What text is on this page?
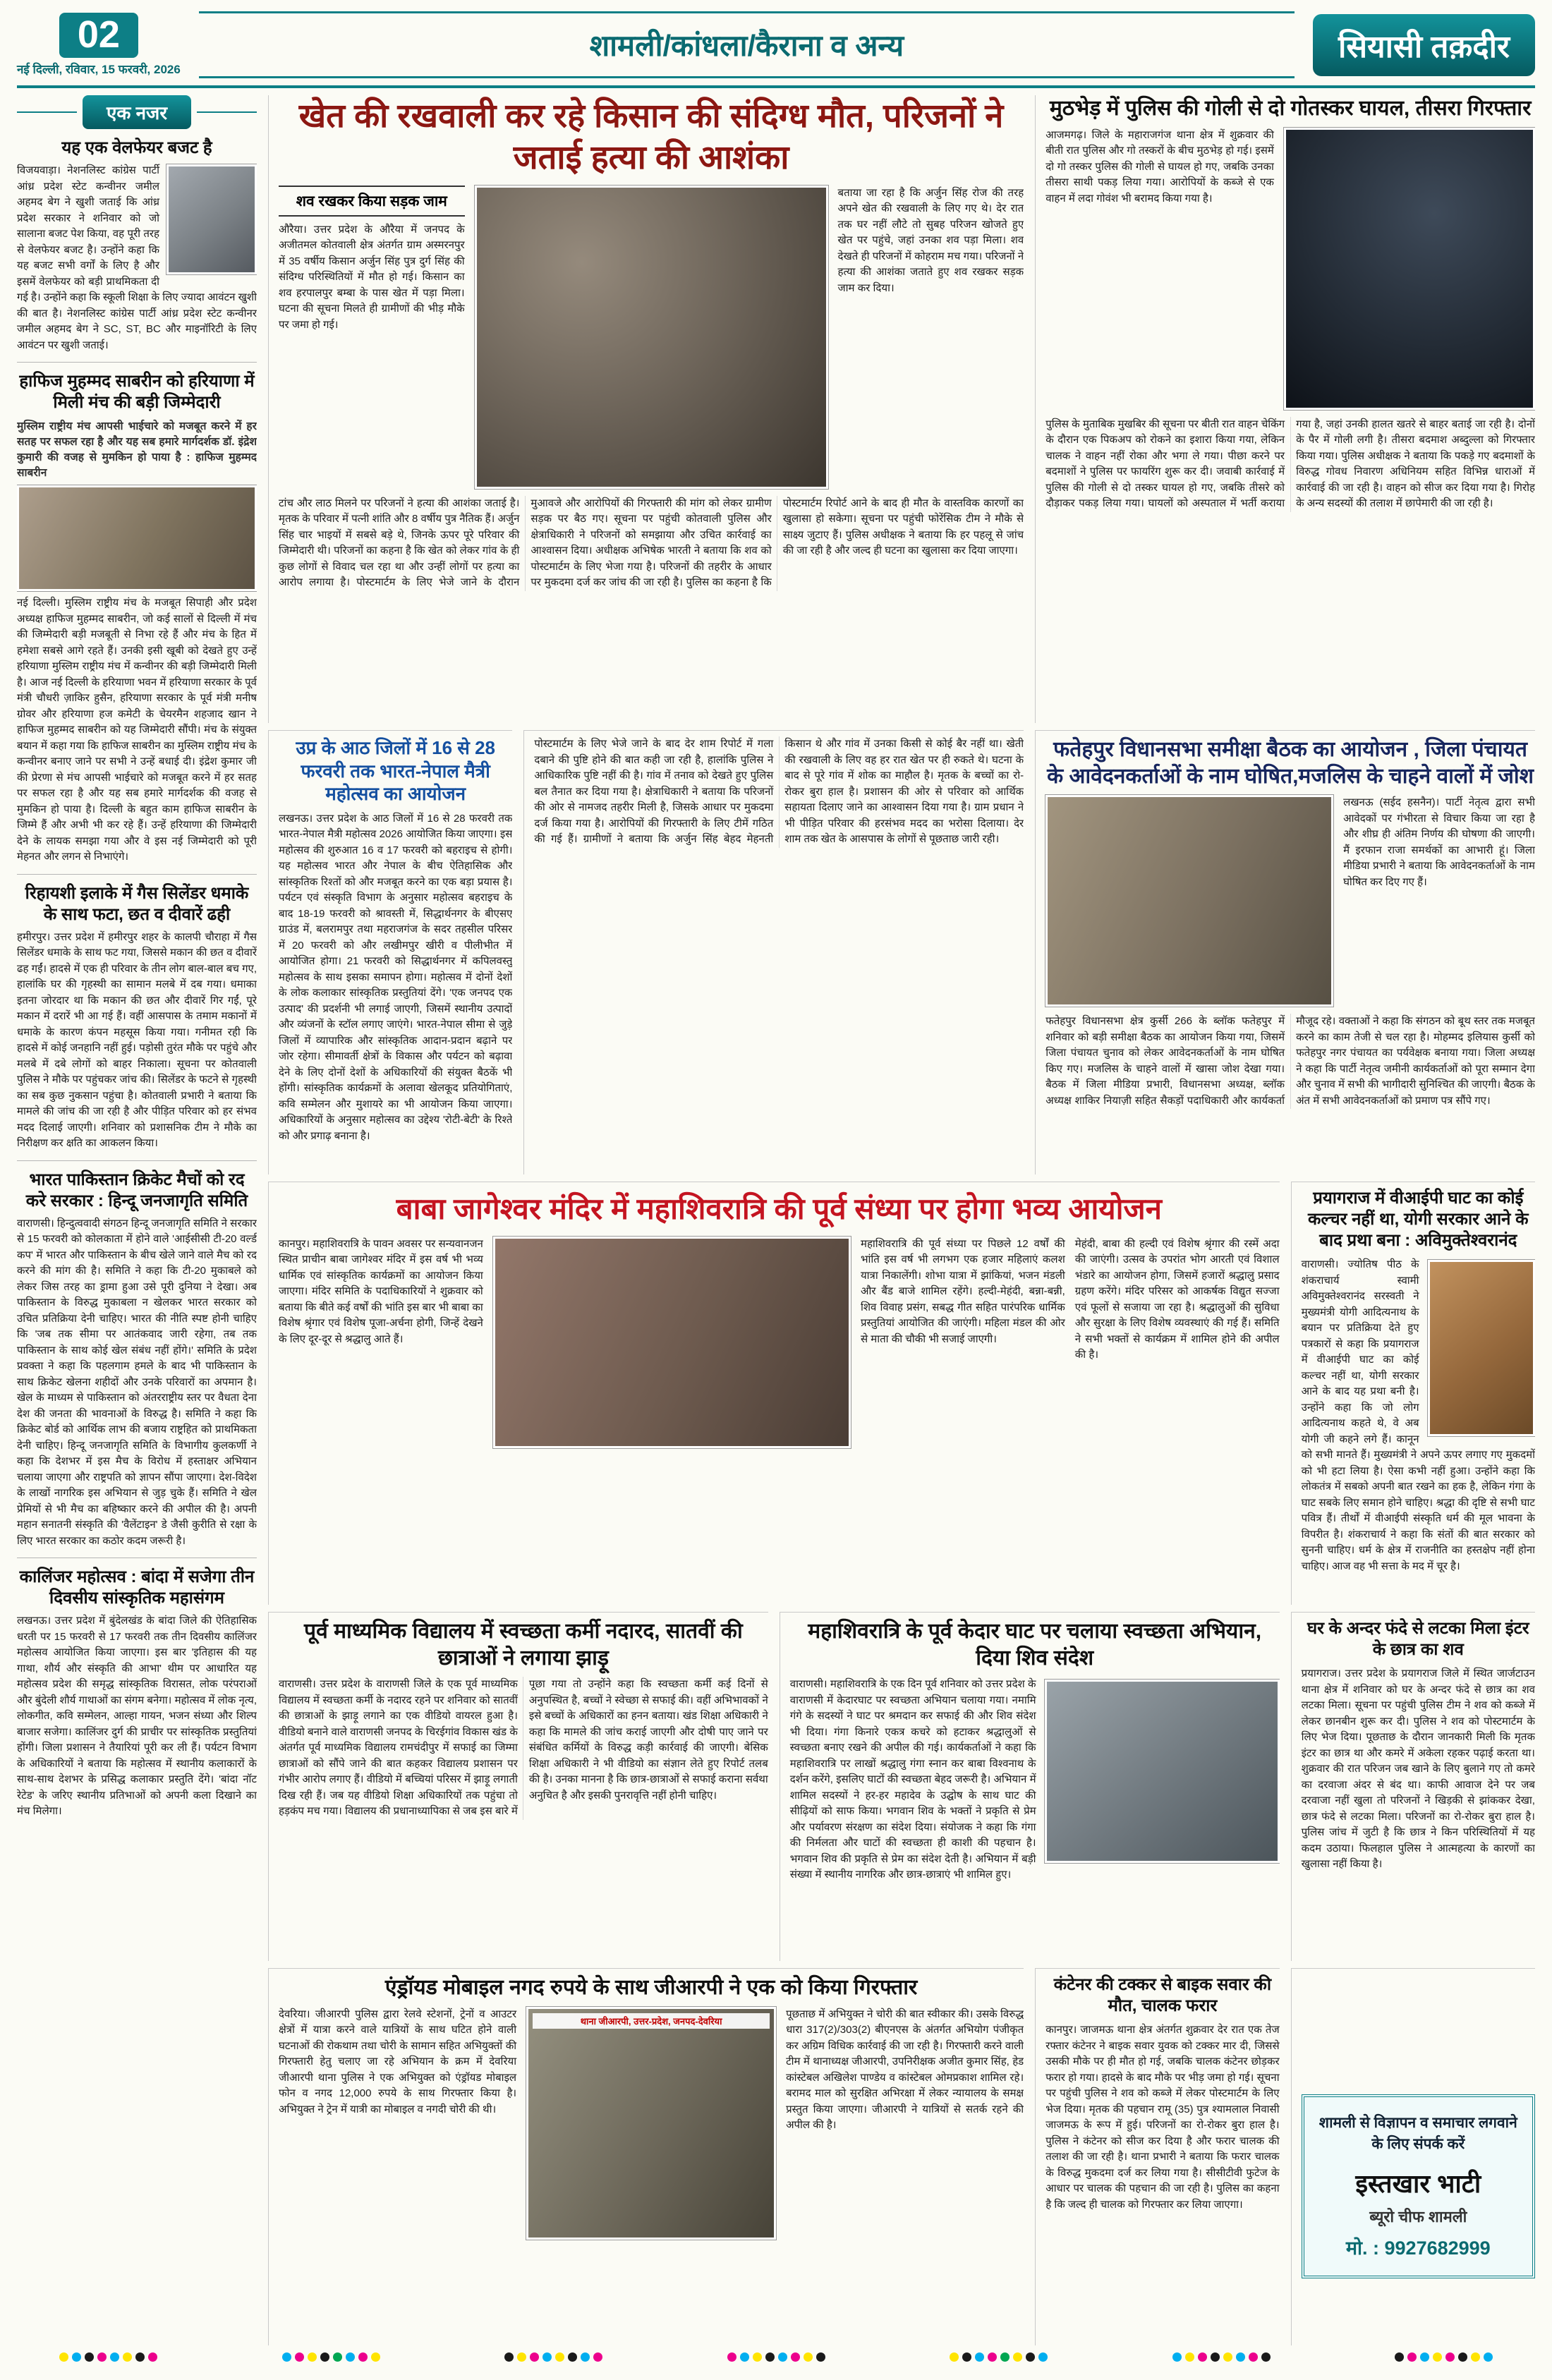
02
नई दिल्ली, रविवार, 15 फरवरी, 2026
शामली/कांधला/कैराना व अन्य	सियासी तक़दीर
एक नजर
यह एक वेलफेयर बजट है

विजयवाड़ा। नेशनलिस्ट कांग्रेस पार्टी आंध्र प्रदेश स्टेट कन्वीनर जमील अहमद बेग ने खुशी जताई कि आंध्र प्रदेश सरकार ने शनिवार को जो सालाना बजट पेश किया, वह पूरी तरह से वेलफेयर बजट है। उन्होंने कहा कि यह बजट सभी वर्गों के लिए है और इसमें वेलफेयर को बड़ी प्राथमिकता दी गई है। उन्होंने कहा कि स्कूली शिक्षा के लिए ज्यादा आवंटन खुशी की बात है। नेशनलिस्ट कांग्रेस पार्टी आंध्र प्रदेश स्टेट कन्वीनर जमील अहमद बेग ने SC, ST, BC और माइनॉरिटी के लिए आवंटन पर खुशी जताई।

हाफिज मुहम्मद साबरीन को हरियाणा में मिली मंच की बड़ी जिम्मेदारी

मुस्लिम राष्ट्रीय मंच आपसी भाईचारे को मजबूत करने में हर सतह पर सफल रहा है और यह सब हमारे मार्गदर्शक डॉ. इंद्रेश कुमारी की वजह से मुमकिन हो पाया है : हाफिज मुहम्मद साबरीन

नई दिल्ली। मुस्लिम राष्ट्रीय मंच के मजबूत सिपाही और प्रदेश अध्यक्ष हाफिज मुहम्मद साबरीन, जो कई सालों से दिल्ली में मंच की जिम्मेदारी बड़ी मजबूती से निभा रहे हैं और मंच के हित में हमेशा सबसे आगे रहते हैं। उनकी इसी खूबी को देखते हुए उन्हें हरियाणा मुस्लिम राष्ट्रीय मंच में कन्वीनर की बड़ी जिम्मेदारी मिली है। आज नई दिल्ली के हरियाणा भवन में हरियाणा सरकार के पूर्व मंत्री चौधरी ज़ाकिर हुसैन, हरियाणा सरकार के पूर्व मंत्री मनीष ग्रोवर और हरियाणा हज कमेटी के चेयरमैन शहजाद खान ने हाफिज मुहम्मद साबरीन को यह जिम्मेदारी सौंपी। मंच के संयुक्त बयान में कहा गया कि हाफिज साबरीन का मुस्लिम राष्ट्रीय मंच के कन्वीनर बनाए जाने पर सभी ने उन्हें बधाई दी। इंद्रेश कुमार जी की प्रेरणा से मंच आपसी भाईचारे को मजबूत करने में हर सतह पर सफल रहा है और यह सब हमारे मार्गदर्शक की वजह से मुमकिन हो पाया है। दिल्ली के बहुत काम हाफिज साबरीन के जिम्मे हैं और अभी भी कर रहे हैं। उन्हें हरियाणा की जिम्मेदारी देने के लायक समझा गया और वे इस नई जिम्मेदारी को पूरी मेहनत और लगन से निभाएंगे।

रिहायशी इलाके में गैस सिलेंडर धमाके के साथ फटा, छत व दीवारें ढही

हमीरपुर। उत्तर प्रदेश में हमीरपुर शहर के कालपी चौराहा में गैस सिलेंडर धमाके के साथ फट गया, जिससे मकान की छत व दीवारें ढह गईं। हादसे में एक ही परिवार के तीन लोग बाल-बाल बच गए, हालांकि घर की गृहस्थी का सामान मलबे में दब गया। धमाका इतना जोरदार था कि मकान की छत और दीवारें गिर गईं, पूरे मकान में दरारें भी आ गई हैं। वहीं आसपास के तमाम मकानों में धमाके के कारण कंपन महसूस किया गया। गनीमत रही कि हादसे में कोई जनहानि नहीं हुई। पड़ोसी तुरंत मौके पर पहुंचे और मलबे में दबे लोगों को बाहर निकाला। सूचना पर कोतवाली पुलिस ने मौके पर पहुंचकर जांच की। सिलेंडर के फटने से गृहस्थी का सब कुछ नुकसान पहुंचा है। कोतवाली प्रभारी ने बताया कि मामले की जांच की जा रही है और पीड़ित परिवार को हर संभव मदद दिलाई जाएगी। शनिवार को प्रशासनिक टीम ने मौके का निरीक्षण कर क्षति का आकलन किया।

भारत पाकिस्तान क्रिकेट मैचों को रद करे सरकार : हिन्दू जनजागृति समिति

वाराणसी। हिन्दुत्ववादी संगठन हिन्दू जनजागृति समिति ने सरकार से 15 फरवरी को कोलकाता में होने वाले 'आईसीसी टी-20 वर्ल्ड कप' में भारत और पाकिस्तान के बीच खेले जाने वाले मैच को रद करने की मांग की है। समिति ने कहा कि टी-20 मुकाबले को लेकर जिस तरह का ड्रामा हुआ उसे पूरी दुनिया ने देखा। अब पाकिस्तान के विरुद्ध मुकाबला न खेलकर भारत सरकार को उचित प्रतिक्रिया देनी चाहिए। भारत की नीति स्पष्ट होनी चाहिए कि 'जब तक सीमा पर आतंकवाद जारी रहेगा, तब तक पाकिस्तान के साथ कोई खेल संबंध नहीं होंगे।' समिति के प्रदेश प्रवक्ता ने कहा कि पहलगाम हमले के बाद भी पाकिस्तान के साथ क्रिकेट खेलना शहीदों और उनके परिवारों का अपमान है। खेल के माध्यम से पाकिस्तान को अंतरराष्ट्रीय स्तर पर वैधता देना देश की जनता की भावनाओं के विरुद्ध है। समिति ने कहा कि क्रिकेट बोर्ड को आर्थिक लाभ की बजाय राष्ट्रहित को प्राथमिकता देनी चाहिए। हिन्दू जनजागृति समिति के विभागीय कुलकर्णी ने कहा कि देशभर में इस मैच के विरोध में हस्ताक्षर अभियान चलाया जाएगा और राष्ट्रपति को ज्ञापन सौंपा जाएगा। देश-विदेश के लाखों नागरिक इस अभियान से जुड़ चुके हैं। समिति ने खेल प्रेमियों से भी मैच का बहिष्कार करने की अपील की है। अपनी महान सनातनी संस्कृति की 'वैलेंटाइन' डे जैसी कुरीति से रक्षा के लिए भारत सरकार का कठोर कदम जरूरी है।

कालिंजर महोत्सव : बांदा में सजेगा तीन दिवसीय सांस्कृतिक महासंगम

लखनऊ। उत्तर प्रदेश में बुंदेलखंड के बांदा जिले की ऐतिहासिक धरती पर 15 फरवरी से 17 फरवरी तक तीन दिवसीय कालिंजर महोत्सव आयोजित किया जाएगा। इस बार 'इतिहास की यह गाथा, शौर्य और संस्कृति की आभा' थीम पर आधारित यह महोत्सव प्रदेश की समृद्ध सांस्कृतिक विरासत, लोक परंपराओं और बुंदेली शौर्य गाथाओं का संगम बनेगा। महोत्सव में लोक नृत्य, लोकगीत, कवि सम्मेलन, आल्हा गायन, भजन संध्या और शिल्प बाजार सजेगा। कालिंजर दुर्ग की प्राचीर पर सांस्कृतिक प्रस्तुतियां होंगी। जिला प्रशासन ने तैयारियां पूरी कर ली हैं। पर्यटन विभाग के अधिकारियों ने बताया कि महोत्सव में स्थानीय कलाकारों के साथ-साथ देशभर के प्रसिद्ध कलाकार प्रस्तुति देंगे। 'बांदा नॉट रेटेड' के जरिए स्थानीय प्रतिभाओं को अपनी कला दिखाने का मंच मिलेगा।

खेत की रखवाली कर रहे किसान की संदिग्ध मौत, परिजनों ने जताई हत्या की आशंका
शव रखकर किया सड़क जाम

औरैया। उत्तर प्रदेश के औरैया में जनपद के अजीतमल कोतवाली क्षेत्र अंतर्गत ग्राम अस्मरनपुर में 35 वर्षीय किसान अर्जुन सिंह पुत्र दुर्ग सिंह की संदिग्ध परिस्थितियों में मौत हो गई। किसान का शव हरपालपुर बम्बा के पास खेत में पड़ा मिला। घटना की सूचना मिलते ही ग्रामीणों की भीड़ मौके पर जमा हो गई।

बताया जा रहा है कि अर्जुन सिंह रोज की तरह अपने खेत की रखवाली के लिए गए थे। देर रात तक घर नहीं लौटे तो सुबह परिजन खोजते हुए खेत पर पहुंचे, जहां उनका शव पड़ा मिला। शव देखते ही परिजनों में कोहराम मच गया। परिजनों ने हत्या की आशंका जताते हुए शव रखकर सड़क जाम कर दिया।

टांच और लाठ मिलने पर परिजनों ने हत्या की आशंका जताई है। मृतक के परिवार में पत्नी शांति और 8 वर्षीय पुत्र नैतिक हैं। अर्जुन सिंह चार भाइयों में सबसे बड़े थे, जिनके ऊपर पूरे परिवार की जिम्मेदारी थी। परिजनों का कहना है कि खेत को लेकर गांव के ही कुछ लोगों से विवाद चल रहा था और उन्हीं लोगों पर हत्या का आरोप लगाया है। पोस्टमार्टम के लिए भेजे जाने के दौरान मुआवजे और आरोपियों की गिरफ्तारी की मांग को लेकर ग्रामीण सड़क पर बैठ गए। सूचना पर पहुंची कोतवाली पुलिस और क्षेत्राधिकारी ने परिजनों को समझाया और उचित कार्रवाई का आश्वासन दिया। अधीक्षक अभिषेक भारती ने बताया कि शव को पोस्टमार्टम के लिए भेजा गया है। परिजनों की तहरीर के आधार पर मुकदमा दर्ज कर जांच की जा रही है। पुलिस का कहना है कि पोस्टमार्टम रिपोर्ट आने के बाद ही मौत के वास्तविक कारणों का खुलासा हो सकेगा। सूचना पर पहुंची फोरेंसिक टीम ने मौके से साक्ष्य जुटाए हैं। पुलिस अधीक्षक ने बताया कि हर पहलू से जांच की जा रही है और जल्द ही घटना का खुलासा कर दिया जाएगा।

मुठभेड़ में पुलिस की गोली से दो गोतस्कर घायल, तीसरा गिरफ्तार

आजमगढ़। जिले के महाराजगंज थाना क्षेत्र में शुक्रवार की बीती रात पुलिस और गो तस्करों के बीच मुठभेड़ हो गई। इसमें दो गो तस्कर पुलिस की गोली से घायल हो गए, जबकि उनका तीसरा साथी पकड़ लिया गया। आरोपियों के कब्जे से एक वाहन में लदा गोवंश भी बरामद किया गया है।

पुलिस के मुताबिक मुखबिर की सूचना पर बीती रात वाहन चेकिंग के दौरान एक पिकअप को रोकने का इशारा किया गया, लेकिन चालक ने वाहन नहीं रोका और भगा ले गया। पीछा करने पर बदमाशों ने पुलिस पर फायरिंग शुरू कर दी। जवाबी कार्रवाई में पुलिस की गोली से दो तस्कर घायल हो गए, जबकि तीसरे को दौड़ाकर पकड़ लिया गया। घायलों को अस्पताल में भर्ती कराया गया है, जहां उनकी हालत खतरे से बाहर बताई जा रही है। दोनों के पैर में गोली लगी है। तीसरा बदमाश अब्दुल्ला को गिरफ्तार किया गया। पुलिस अधीक्षक ने बताया कि पकड़े गए बदमाशों के विरुद्ध गोवध निवारण अधिनियम सहित विभिन्न धाराओं में कार्रवाई की जा रही है। वाहन को सीज कर दिया गया है। गिरोह के अन्य सदस्यों की तलाश में छापेमारी की जा रही है।

उप्र के आठ जिलों में 16 से 28 फरवरी तक भारत-नेपाल मैत्री महोत्सव का आयोजन

लखनऊ। उत्तर प्रदेश के आठ जिलों में 16 से 28 फरवरी तक भारत-नेपाल मैत्री महोत्सव 2026 आयोजित किया जाएगा। इस महोत्सव की शुरुआत 16 व 17 फरवरी को बहराइच से होगी। यह महोत्सव भारत और नेपाल के बीच ऐतिहासिक और सांस्कृतिक रिश्तों को और मजबूत करने का एक बड़ा प्रयास है। पर्यटन एवं संस्कृति विभाग के अनुसार महोत्सव बहराइच के बाद 18-19 फरवरी को श्रावस्ती में, सिद्धार्थनगर के बीएसए ग्राउंड में, बलरामपुर तथा महराजगंज के सदर तहसील परिसर में 20 फरवरी को और लखीमपुर खीरी व पीलीभीत में आयोजित होगा। 21 फरवरी को सिद्धार्थनगर में कपिलवस्तु महोत्सव के साथ इसका समापन होगा। महोत्सव में दोनों देशों के लोक कलाकार सांस्कृतिक प्रस्तुतियां देंगे। 'एक जनपद एक उत्पाद' की प्रदर्शनी भी लगाई जाएगी, जिसमें स्थानीय उत्पादों और व्यंजनों के स्टॉल लगाए जाएंगे। भारत-नेपाल सीमा से जुड़े जिलों में व्यापारिक और सांस्कृतिक आदान-प्रदान बढ़ाने पर जोर रहेगा। सीमावर्ती क्षेत्रों के विकास और पर्यटन को बढ़ावा देने के लिए दोनों देशों के अधिकारियों की संयुक्त बैठकें भी होंगी। सांस्कृतिक कार्यक्रमों के अलावा खेलकूद प्रतियोगिताएं, कवि सम्मेलन और मुशायरे का भी आयोजन किया जाएगा। अधिकारियों के अनुसार महोत्सव का उद्देश्य 'रोटी-बेटी' के रिश्ते को और प्रगाढ़ बनाना है।

पोस्टमार्टम के लिए भेजे जाने के बाद देर शाम रिपोर्ट में गला दबाने की पुष्टि होने की बात कही जा रही है, हालांकि पुलिस ने आधिकारिक पुष्टि नहीं की है। गांव में तनाव को देखते हुए पुलिस बल तैनात कर दिया गया है। क्षेत्राधिकारी ने बताया कि परिजनों की ओर से नामजद तहरीर मिली है, जिसके आधार पर मुकदमा दर्ज किया गया है। आरोपियों की गिरफ्तारी के लिए टीमें गठित की गई हैं। ग्रामीणों ने बताया कि अर्जुन सिंह बेहद मेहनती किसान थे और गांव में उनका किसी से कोई बैर नहीं था। खेती की रखवाली के लिए वह हर रात खेत पर ही रुकते थे। घटना के बाद से पूरे गांव में शोक का माहौल है। मृतक के बच्चों का रो-रोकर बुरा हाल है। प्रशासन की ओर से परिवार को आर्थिक सहायता दिलाए जाने का आश्वासन दिया गया है। ग्राम प्रधान ने भी पीड़ित परिवार की हरसंभव मदद का भरोसा दिलाया। देर शाम तक खेत के आसपास के लोगों से पूछताछ जारी रही।

फतेहपुर विधानसभा समीक्षा बैठक का आयोजन , जिला पंचायत के आवेदनकर्ताओं के नाम घोषित,मजलिस के चाहने वालों में जोश

लखनऊ (सईद हसनैन)। पार्टी नेतृत्व द्वारा सभी आवेदकों पर गंभीरता से विचार किया जा रहा है और शीघ्र ही अंतिम निर्णय की घोषणा की जाएगी। मैं इरफान राजा समर्थकों का आभारी हूं। जिला मीडिया प्रभारी ने बताया कि आवेदनकर्ताओं के नाम घोषित कर दिए गए हैं।

फतेहपुर विधानसभा क्षेत्र कुर्सी 266 के ब्लॉक फतेहपुर में शनिवार को बड़ी समीक्षा बैठक का आयोजन किया गया, जिसमें जिला पंचायत चुनाव को लेकर आवेदनकर्ताओं के नाम घोषित किए गए। मजलिस के चाहने वालों में खासा जोश देखा गया। बैठक में जिला मीडिया प्रभारी, विधानसभा अध्यक्ष, ब्लॉक अध्यक्ष शाकिर नियाज़ी सहित सैकड़ों पदाधिकारी और कार्यकर्ता मौजूद रहे। वक्ताओं ने कहा कि संगठन को बूथ स्तर तक मजबूत करने का काम तेजी से चल रहा है। मोहम्मद इलियास कुर्सी को फतेहपुर नगर पंचायत का पर्यवेक्षक बनाया गया। जिला अध्यक्ष ने कहा कि पार्टी नेतृत्व जमीनी कार्यकर्ताओं को पूरा सम्मान देगा और चुनाव में सभी की भागीदारी सुनिश्चित की जाएगी। बैठक के अंत में सभी आवेदनकर्ताओं को प्रमाण पत्र सौंपे गए।

बाबा जागेश्वर मंदिर में महाशिवरात्रि की पूर्व संध्या पर होगा भव्य आयोजन

कानपुर। महाशिवरात्रि के पावन अवसर पर सन्यवानजन स्थित प्राचीन बाबा जागेश्वर मंदिर में इस वर्ष भी भव्य धार्मिक एवं सांस्कृतिक कार्यक्रमों का आयोजन किया जाएगा। मंदिर समिति के पदाधिकारियों ने शुक्रवार को बताया कि बीते कई वर्षों की भांति इस बार भी बाबा का विशेष श्रृंगार एवं विशेष पूजा-अर्चना होगी, जिन्हें देखने के लिए दूर-दूर से श्रद्धालु आते हैं।

महाशिवरात्रि की पूर्व संध्या पर पिछले 12 वर्षों की भांति इस वर्ष भी लगभग एक हजार महिलाएं कलश यात्रा निकालेंगी। शोभा यात्रा में झांकियां, भजन मंडली और बैंड बाजे शामिल रहेंगे। हल्दी-मेहंदी, बन्ना-बन्नी, शिव विवाह प्रसंग, सबद्ध गीत सहित पारंपरिक धार्मिक प्रस्तुतियां आयोजित की जाएंगी। महिला मंडल की ओर से माता की चौकी भी सजाई जाएगी।

मेहंदी, बाबा की हल्दी एवं विशेष श्रृंगार की रस्में अदा की जाएंगी। उत्सव के उपरांत भोग आरती एवं विशाल भंडारे का आयोजन होगा, जिसमें हजारों श्रद्धालु प्रसाद ग्रहण करेंगे। मंदिर परिसर को आकर्षक विद्युत सज्जा एवं फूलों से सजाया जा रहा है। श्रद्धालुओं की सुविधा और सुरक्षा के लिए विशेष व्यवस्थाएं की गई हैं। समिति ने सभी भक्तों से कार्यक्रम में शामिल होने की अपील की है।

प्रयागराज में वीआईपी घाट का कोई कल्चर नहीं था, योगी सरकार आने के बाद प्रथा बना : अविमुक्तेश्वरानंद

वाराणसी। ज्योतिष पीठ के शंकराचार्य स्वामी अविमुक्तेश्वरानंद सरस्वती ने मुख्यमंत्री योगी आदित्यनाथ के बयान पर प्रतिक्रिया देते हुए पत्रकारों से कहा कि प्रयागराज में वीआईपी घाट का कोई कल्चर नहीं था, योगी सरकार आने के बाद यह प्रथा बनी है। उन्होंने कहा कि जो लोग आदित्यनाथ कहते थे, वे अब योगी जी कहने लगे हैं। कानून को सभी मानते हैं। मुख्यमंत्री ने अपने ऊपर लगाए गए मुकदमों को भी हटा लिया है। ऐसा कभी नहीं हुआ। उन्होंने कहा कि लोकतंत्र में सबको अपनी बात रखने का हक है, लेकिन गंगा के घाट सबके लिए समान होने चाहिए। श्रद्धा की दृष्टि से सभी घाट पवित्र हैं। तीर्थों में वीआईपी संस्कृति धर्म की मूल भावना के विपरीत है। शंकराचार्य ने कहा कि संतों की बात सरकार को सुननी चाहिए। धर्म के क्षेत्र में राजनीति का हस्तक्षेप नहीं होना चाहिए। आज वह भी सत्ता के मद में चूर है।

पूर्व माध्यमिक विद्यालय में स्वच्छता कर्मी नदारद, सातवीं की छात्राओं ने लगाया झाड़ू

वाराणसी। उत्तर प्रदेश के वाराणसी जिले के एक पूर्व माध्यमिक विद्यालय में स्वच्छता कर्मी के नदारद रहने पर शनिवार को सातवीं की छात्राओं के झाड़ू लगाने का एक वीडियो वायरल हुआ है। वीडियो बनाने वाले वाराणसी जनपद के चिरईगांव विकास खंड के अंतर्गत पूर्व माध्यमिक विद्यालय रामचंदीपुर में सफाई का जिम्मा छात्राओं को सौंपे जाने की बात कहकर विद्यालय प्रशासन पर गंभीर आरोप लगाए हैं। वीडियो में बच्चियां परिसर में झाड़ू लगाती दिख रही हैं। जब यह वीडियो शिक्षा अधिकारियों तक पहुंचा तो हड़कंप मच गया। विद्यालय की प्रधानाध्यापिका से जब इस बारे में पूछा गया तो उन्होंने कहा कि स्वच्छता कर्मी कई दिनों से अनुपस्थित है, बच्चों ने स्वेच्छा से सफाई की। वहीं अभिभावकों ने इसे बच्चों के अधिकारों का हनन बताया। खंड शिक्षा अधिकारी ने कहा कि मामले की जांच कराई जाएगी और दोषी पाए जाने पर संबंधित कर्मियों के विरुद्ध कड़ी कार्रवाई की जाएगी। बेसिक शिक्षा अधिकारी ने भी वीडियो का संज्ञान लेते हुए रिपोर्ट तलब की है। उनका मानना है कि छात्र-छात्राओं से सफाई कराना सर्वथा अनुचित है और इसकी पुनरावृत्ति नहीं होनी चाहिए।

महाशिवरात्रि के पूर्व केदार घाट पर चलाया स्वच्छता अभियान, दिया शिव संदेश

वाराणसी। महाशिवरात्रि के एक दिन पूर्व शनिवार को उत्तर प्रदेश के वाराणसी में केदारघाट पर स्वच्छता अभियान चलाया गया। नमामि गंगे के सदस्यों ने घाट पर श्रमदान कर सफाई की और शिव संदेश भी दिया। गंगा किनारे एकत्र कचरे को हटाकर श्रद्धालुओं से स्वच्छता बनाए रखने की अपील की गई। कार्यकर्ताओं ने कहा कि महाशिवरात्रि पर लाखों श्रद्धालु गंगा स्नान कर बाबा विश्वनाथ के दर्शन करेंगे, इसलिए घाटों की स्वच्छता बेहद जरूरी है। अभियान में शामिल सदस्यों ने हर-हर महादेव के उद्घोष के साथ घाट की सीढ़ियों को साफ किया। भगवान शिव के भक्तों ने प्रकृति से प्रेम और पर्यावरण संरक्षण का संदेश दिया। संयोजक ने कहा कि गंगा की निर्मलता और घाटों की स्वच्छता ही काशी की पहचान है। भगवान शिव की प्रकृति से प्रेम का संदेश देती है। अभियान में बड़ी संख्या में स्थानीय नागरिक और छात्र-छात्राएं भी शामिल हुए।

घर के अन्दर फंदे से लटका मिला इंटर के छात्र का शव

प्रयागराज। उत्तर प्रदेश के प्रयागराज जिले में स्थित जार्जटाउन थाना क्षेत्र में शनिवार को घर के अन्दर फंदे से छात्र का शव लटका मिला। सूचना पर पहुंची पुलिस टीम ने शव को कब्जे में लेकर छानबीन शुरू कर दी। पुलिस ने शव को पोस्टमार्टम के लिए भेज दिया। पूछताछ के दौरान जानकारी मिली कि मृतक इंटर का छात्र था और कमरे में अकेला रहकर पढ़ाई करता था। शुक्रवार की रात परिजन जब खाने के लिए बुलाने गए तो कमरे का दरवाजा अंदर से बंद था। काफी आवाज देने पर जब दरवाजा नहीं खुला तो परिजनों ने खिड़की से झांककर देखा, छात्र फंदे से लटका मिला। परिजनों का रो-रोकर बुरा हाल है। पुलिस जांच में जुटी है कि छात्र ने किन परिस्थितियों में यह कदम उठाया। फिलहाल पुलिस ने आत्महत्या के कारणों का खुलासा नहीं किया है।

एंड्रॉयड मोबाइल नगद रुपये के साथ जीआरपी ने एक को किया गिरफ्तार

देवरिया। जीआरपी पुलिस द्वारा रेलवे स्टेशनों, ट्रेनों व आउटर क्षेत्रों में यात्रा करने वाले यात्रियों के साथ घटित होने वाली घटनाओं की रोकथाम तथा चोरी के सामान सहित अभियुक्तों की गिरफ्तारी हेतु चलाए जा रहे अभियान के क्रम में देवरिया जीआरपी थाना पुलिस ने एक अभियुक्त को एंड्रॉयड मोबाइल फोन व नगद 12,000 रुपये के साथ गिरफ्तार किया है। अभियुक्त ने ट्रेन में यात्री का मोबाइल व नगदी चोरी की थी।

थाना जीआरपी, उत्तर-प्रदेश, जनपद-देवरिया

पूछताछ में अभियुक्त ने चोरी की बात स्वीकार की। उसके विरुद्ध धारा 317(2)/303(2) बीएनएस के अंतर्गत अभियोग पंजीकृत कर अग्रिम विधिक कार्रवाई की जा रही है। गिरफ्तारी करने वाली टीम में थानाध्यक्ष जीआरपी, उपनिरीक्षक अजीत कुमार सिंह, हेड कांस्टेबल अखिलेश पाण्डेय व कांस्टेबल ओमप्रकाश शामिल रहे। बरामद माल को सुरक्षित अभिरक्षा में लेकर न्यायालय के समक्ष प्रस्तुत किया जाएगा। जीआरपी ने यात्रियों से सतर्क रहने की अपील की है।

कंटेनर की टक्कर से बाइक सवार की मौत, चालक फरार

कानपुर। जाजमऊ थाना क्षेत्र अंतर्गत शुक्रवार देर रात एक तेज रफ्तार कंटेनर ने बाइक सवार युवक को टक्कर मार दी, जिससे उसकी मौके पर ही मौत हो गई, जबकि चालक कंटेनर छोड़कर फरार हो गया। हादसे के बाद मौके पर भीड़ जमा हो गई। सूचना पर पहुंची पुलिस ने शव को कब्जे में लेकर पोस्टमार्टम के लिए भेज दिया। मृतक की पहचान रामू (35) पुत्र श्यामलाल निवासी जाजमऊ के रूप में हुई। परिजनों का रो-रोकर बुरा हाल है। पुलिस ने कंटेनर को सीज कर दिया है और फरार चालक की तलाश की जा रही है। थाना प्रभारी ने बताया कि फरार चालक के विरुद्ध मुकदमा दर्ज कर लिया गया है। सीसीटीवी फुटेज के आधार पर चालक की पहचान की जा रही है। पुलिस का कहना है कि जल्द ही चालक को गिरफ्तार कर लिया जाएगा।

शामली से विज्ञापन व समाचार लगवाने के लिए संपर्क करें
इस्तखार भाटी
ब्यूरो चीफ शामली
मो. : 9927682999
